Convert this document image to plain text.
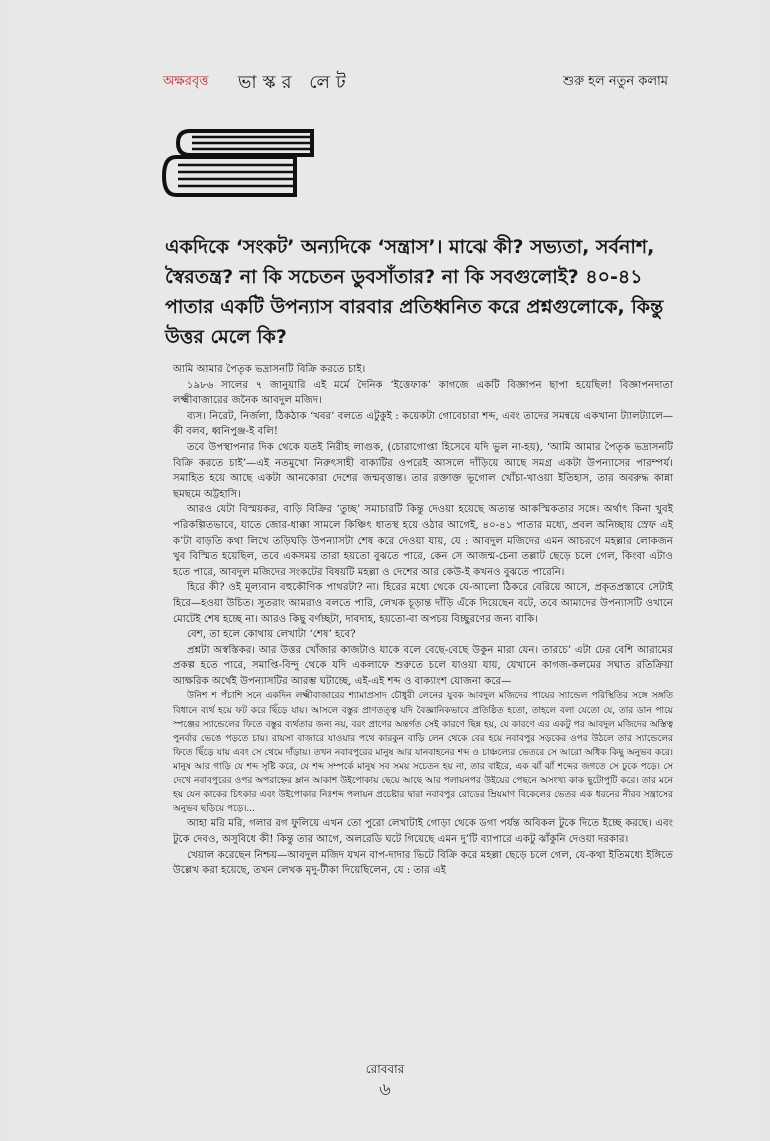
অক্ষরবৃত্ত ভাস্কর লেট	শুরু হল নতুন কলাম

একদিকে ‘সংকট’ অন্যদিকে ‘সন্ত্রাস’। মাঝে কী? সভ্যতা, সর্বনাশ, স্বৈরতন্ত্র? না কি সচেতন ডুবসাঁতার? না কি সবগুলোই? ৪০-৪১ পাতার একটি উপন্যাস বারবার প্রতিধ্বনিত করে প্রশ্নগুলোকে, কিন্তু উত্তর মেলে কি?

আমি আমার পৈতৃক ভদ্রাসনটি বিক্রি করতে চাই।

১৯৮৬ সালের ৭ জানুয়ারি এই মর্মে দৈনিক ‘ইত্তেফাক’ কাগজে একটি বিজ্ঞাপন ছাপা হয়েছিল! বিজ্ঞাপনদাতা লক্ষ্মীবাজারের জনৈক আবদুল মজিদ।

ব্যস। নিরেট, নির্জলা, ঠিকঠাক ‘খবর’ বলতে এটুকুই : কয়েকটা গোবেচারা শব্দ, এবং তাদের সমন্বয়ে একখানা ট্যালট্যালে—কী বলব, ধ্বনিপুঞ্জ-ই বলি!

তবে উপস্থাপনার দিক থেকে যতই নিরীহ লাগুক, (চোরাগোপ্তা হিসেবে যদি ভুল না-হয়), ‘আমি আমার পৈতৃক ভদ্রাসনটি বিক্রি করতে চাই’—এই নতমুখো নিরুৎসাহী বাক্যটির ওপরেই আসলে দাঁড়িয়ে আছে সমগ্র একটা উপন্যাসের পারম্পর্য। সমাহিত হয়ে আছে একটা আনকোরা দেশের জন্মবৃত্তান্ত। তার রক্তাক্ত ভূগোল খোঁচা-খাওয়া ইতিহাস, তার অবরুদ্ধ কান্না ছমছমে অট্টহাসি।

আরও যেটা বিস্ময়কর, বাড়ি বিক্রির ‘তুচ্ছ’ সমাচারটি কিন্তু দেওয়া হয়েছে অত্যন্ত আকস্মিকতার সঙ্গে। অর্থাৎ কিনা খুবই পরিকল্পিতভাবে, যাতে জোর-ধাক্কা সামলে কিঞ্চিৎ ধাতস্থ হয়ে ওঠার আগেই, ৪০-৪১ পাতার মধ্যে, প্রবল অনিচ্ছায় স্রেফ এই ক’টা বাড়তি কথা লিখে তড়িঘড়ি উপন্যাসটা শেষ করে দেওয়া যায়, যে : আবদুল মজিদের এমন আচরণে মহল্লার লোকজন খুব বিস্মিত হয়েছিল, তবে একসময় তারা হয়তো বুঝতে পারে, কেন সে আজন্ম-চেনা তল্লাট ছেড়ে চলে গেল, কিংবা এটাও হতে পারে, আবদুল মজিদের সংকটের বিষয়টি মহল্লা ও দেশের আর কেউ-ই কখনও বুঝতে পারেনি।

হিরে কী? ওই মূল্যবান বহুকৌণিক পাথরটা? না। হিরের মধ্যে থেকে যে-আলো ঠিকরে বেরিয়ে আসে, প্রকৃতপ্রস্তাবে সেটাই হিরে—হওয়া উচিত। সুতরাং আমরাও বলতে পারি, লেখক চূড়ান্ত দাঁড়ি এঁকে দিয়েছেন বটে, তবে আমাদের উপন্যাসটি ওখানে মোটেই শেষ হচ্ছে না। আরও কিছু বর্ণচ্ছটা, দাবদাহ, হয়তো-বা অপচয় বিচ্ছুরণের জন্য বাকি।

বেশ, তা হলে কোথায় লেখাটা ‘শেষ’ হবে?

প্রশ্নটা অস্বস্তিকর। আর উত্তর খোঁজার কাজটাও যাকে বলে বেছে-বেছে উকুন মারা যেন। তারচে’ এটা ঢের বেশি আরামের প্রকল্প হতে পারে, সমাপ্তি-বিন্দু থেকে যদি একলাফে শুরুতে চলে যাওয়া যায়, যেখানে কাগজ-কলমের সঘাত রতিক্রিয়া আক্ষরিক অর্থেই উপন্যাসটির আরম্ভ ঘটাচ্ছে, এই-এই শব্দ ও বাক্যাংশ যোজনা করে—

উনিশ শ পঁচাশি সনে একদিন লক্ষ্মীবাজারের শ্যামাপ্রসাদ চৌধুরী লেনের যুবক আবদুল মজিদের পায়ের স্যান্ডেল পরিস্থিতির সঙ্গে সঙ্গতি বিধানে ব্যর্থ হয়ে ফট করে ছিঁড়ে যায়। আসলে বস্তুর প্রাণতত্ত্ব যদি বৈজ্ঞানিকভাবে প্রতিষ্ঠিত হতো, তাহলে বলা যেতো যে, তার ডান পায়ে স্পঞ্জের স্যান্ডেলের ফিতে বস্তুর ব্যর্থতার জন্য নয়, বরং প্রাণের অন্তর্গত সেই কারণে ছিন্ন হয়, যে কারণে এর একটু পর আবদুল মজিদের অস্তিত্ব পুনর্বার ভেঙে পড়তে চায়। রায়সা বাজারে যাওয়ার পথে কারকুন বাড়ি লেন থেকে বের হয়ে নবাবপুর সড়কের ওপর উঠলে তার স্যান্ডেলের ফিতে ছিঁড়ে যায় এবং সে থেমে দাঁড়ায়। তখন নবাবপুরের মানুষ আর যানবাহনের শব্দ ও চাঞ্চল্যের ভেতরে সে আরো অধিক কিছু অনুভব করে। মানুষ আর গাড়ি যে শব্দ সৃষ্টি করে, যে শব্দ সম্পর্কে মানুষ সব সময় সচেতন হয় না, তার বাইরে, এক ঝাঁ ঝাঁ শব্দের জগতে সে ঢুকে পড়ে। সে দেখে নবাবপুরের ওপর অপরাহ্নের ম্লান আকাশ উইপোকায় ছেয়ে আছে আর পলায়নপর উইয়ের পেছনে অসংখ্য কাক ছুটোপুটি করে। তার মনে হয় যেন কাকের চিৎকার এবং উইপোকার নিঃশব্দ পলায়ন প্রচেষ্টার দ্বারা নবাবপুর রোডের ম্রিয়মাণ বিকেলের ভেতর এক ধরনের নীরব সন্ত্রাসের অনুভব ছড়িয়ে পড়ে।...

আহা মরি মরি, গলার রগ ফুলিয়ে এখন তো পুরো লেখাটাই গোড়া থেকে ডগা পর্যন্ত অবিকল টুকে দিতে ইচ্ছে করছে। এবং টুকে দেবও, অসুবিধে কী! কিন্তু তার আগে, অলরেডি ঘটে গিয়েছে এমন দু’টি ব্যাপারে একটু ঝাঁকুনি দেওয়া দরকার।

খেয়াল করেছেন নিশ্চয়—আবদুল মজিদ যখন বাপ-দাদার ভিটে বিক্রি করে মহল্লা ছেড়ে চলে গেল, যে-কথা ইতিমধ্যে ইঙ্গিতে উল্লেখ করা হয়েছে, তখন লেখক মৃদু-টীকা দিয়েছিলেন, যে : তার এই

রোববার
৬
